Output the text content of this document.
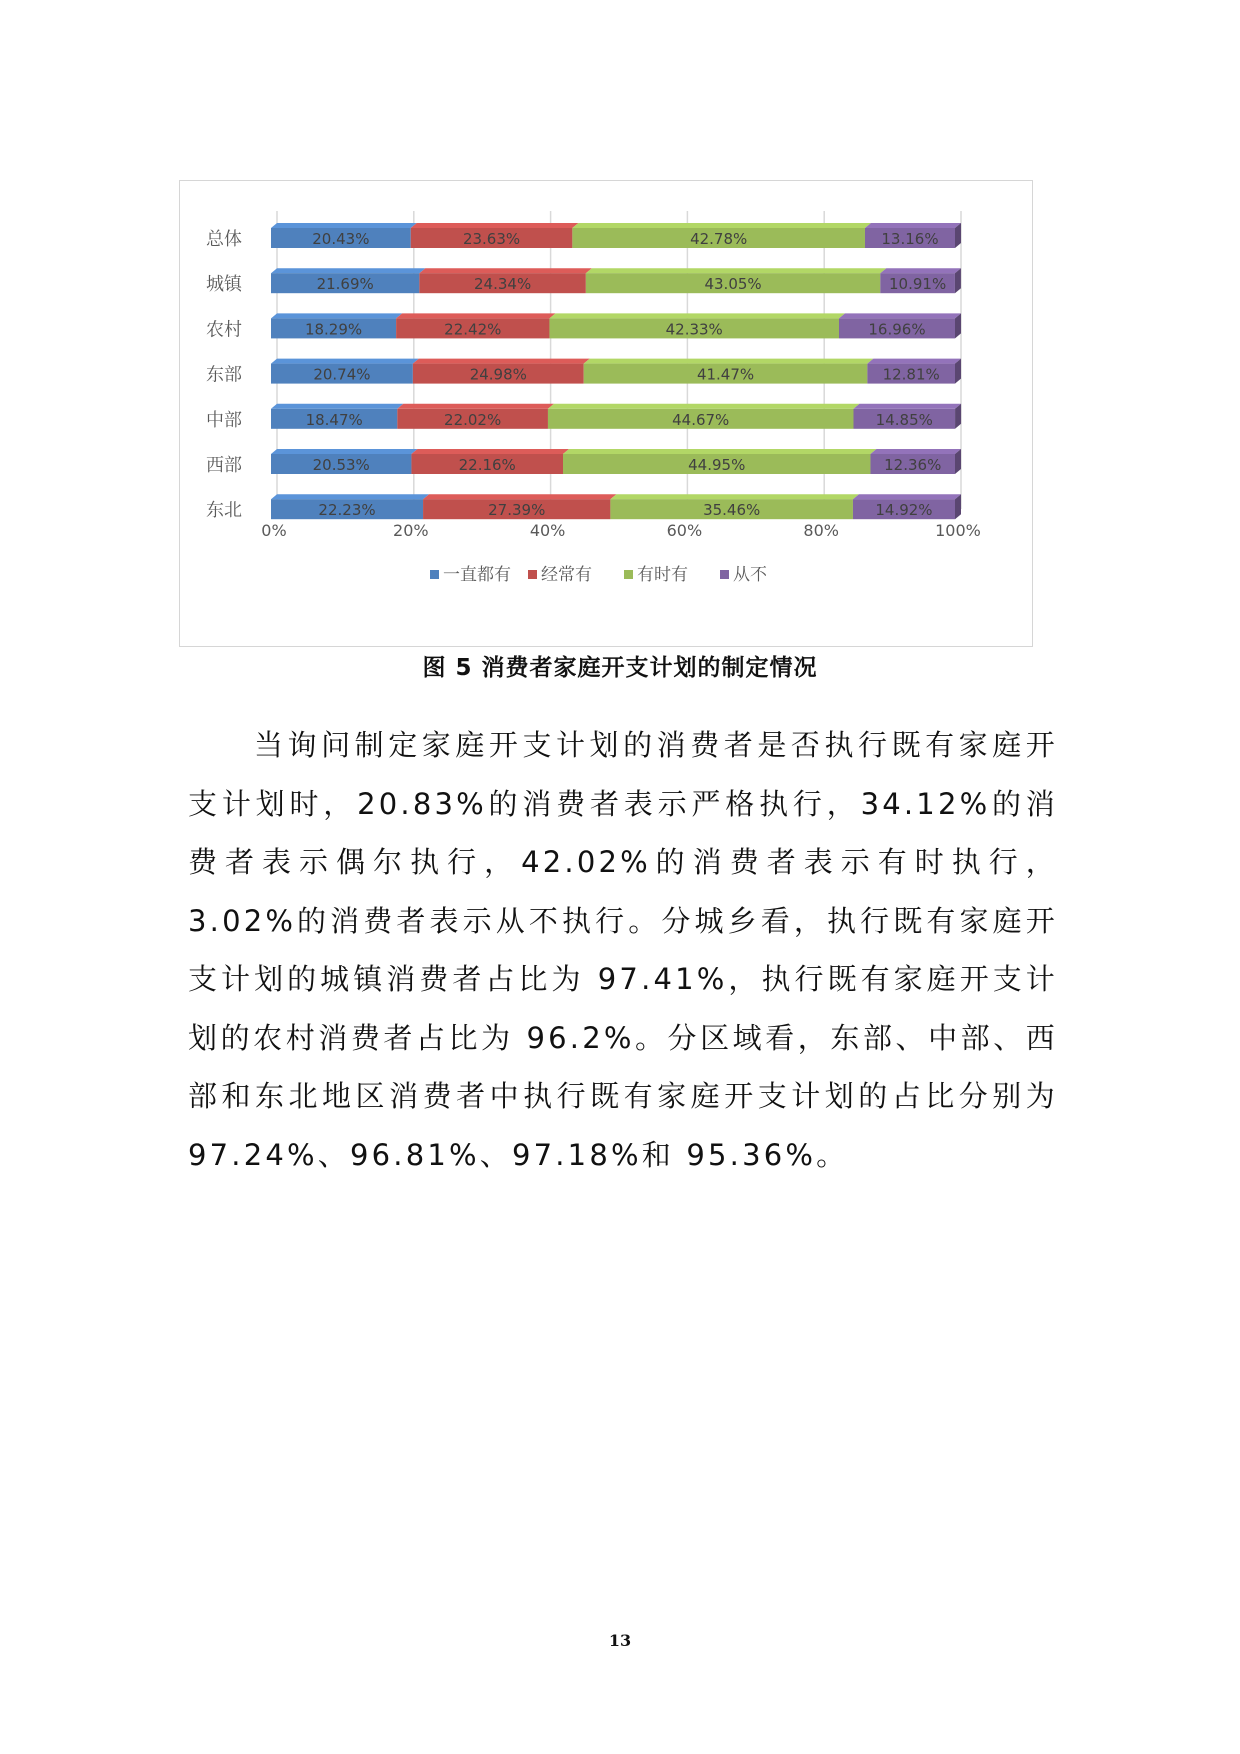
总体	20.43%	23.63%	42.78%	13.16%
城镇	21.69%	24.34%	43.05%	10.91%
农村	18.29%	22.42%	42.33%	16.96%
东部	20.74%	24.98%	41.47%	12.81%
中部	18.47%	22.02%	44.67%	14.85%
西部	20.53%	22.16%	44.95%	12.36%
东北	22.23%	27.39%	35.46%	14.92%
0%	20%	40%	60%	80%	100%
一直都有 经常有	有时有	从不
图 5 消费者家庭开支计划的制定情况

当询问制定家庭开支计划的消费者是否执行既有家庭开支计划时，20.83%的消费者表示严格执行，34.12%的消费者表示偶尔执行，42.02%的消费者表示有时执行，3.02%的消费者表示从不执行。分城乡看，执行既有家庭开支计划的城镇消费者占比为 97.41%，执行既有家庭开支计划的农村消费者占比为 96.2%。分区域看，东部、中部、西部和东北地区消费者中执行既有家庭开支计划的占比分别为 97.24%、96.81%、97.18%和 95.36%。

13
